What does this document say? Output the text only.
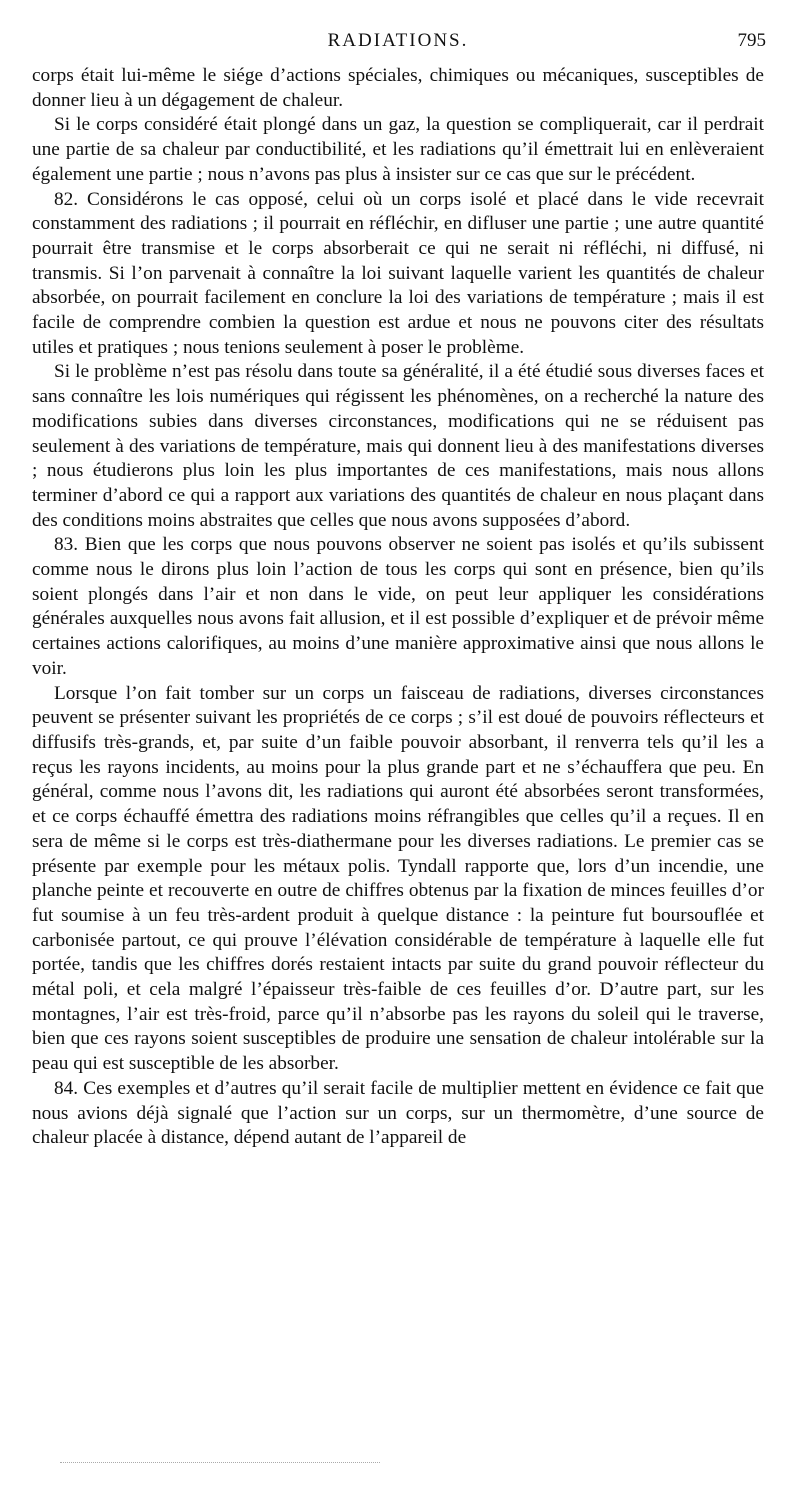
RADIATIONS.	795

corps était lui-même le siége d’actions spéciales, chimiques ou mécaniques, susceptibles de donner lieu à un dégagement de chaleur.

Si le corps considéré était plongé dans un gaz, la question se compliquerait, car il perdrait une partie de sa chaleur par conductibilité, et les radiations qu’il émettrait lui en enlèveraient également une partie ; nous n’avons pas plus à insister sur ce cas que sur le précédent.

82. Considérons le cas opposé, celui où un corps isolé et placé dans le vide recevrait constamment des radiations ; il pourrait en réfléchir, en difluser une partie ; une autre quantité pourrait être transmise et le corps absorberait ce qui ne serait ni réfléchi, ni diffusé, ni transmis. Si l’on parvenait à connaître la loi suivant laquelle varient les quantités de chaleur absorbée, on pourrait facilement en conclure la loi des variations de température ; mais il est facile de comprendre combien la question est ardue et nous ne pouvons citer des résultats utiles et pratiques ; nous tenions seulement à poser le problème.

Si le problème n’est pas résolu dans toute sa généralité, il a été étudié sous diverses faces et sans connaître les lois numériques qui régissent les phénomènes, on a recherché la nature des modifications subies dans diverses circonstances, modifications qui ne se réduisent pas seulement à des variations de température, mais qui donnent lieu à des manifestations diverses ; nous étudierons plus loin les plus importantes de ces manifestations, mais nous allons terminer d’abord ce qui a rapport aux variations des quantités de chaleur en nous plaçant dans des conditions moins abstraites que celles que nous avons supposées d’abord.

83. Bien que les corps que nous pouvons observer ne soient pas isolés et qu’ils subissent comme nous le dirons plus loin l’action de tous les corps qui sont en présence, bien qu’ils soient plongés dans l’air et non dans le vide, on peut leur appliquer les considérations générales auxquelles nous avons fait allusion, et il est possible d’expliquer et de prévoir même certaines actions calorifiques, au moins d’une manière approximative ainsi que nous allons le voir.

Lorsque l’on fait tomber sur un corps un faisceau de radiations, diverses circonstances peuvent se présenter suivant les propriétés de ce corps ; s’il est doué de pouvoirs réflecteurs et diffusifs très-grands, et, par suite d’un faible pouvoir absorbant, il renverra tels qu’il les a reçus les rayons incidents, au moins pour la plus grande part et ne s’échauffera que peu. En général, comme nous l’avons dit, les radiations qui auront été absorbées seront transformées, et ce corps échauffé émettra des radiations moins réfrangibles que celles qu’il a reçues. Il en sera de même si le corps est très-diathermane pour les diverses radiations. Le premier cas se présente par exemple pour les métaux polis. Tyndall rapporte que, lors d’un incendie, une planche peinte et recouverte en outre de chiffres obtenus par la fixation de minces feuilles d’or fut soumise à un feu très-ardent produit à quelque distance : la peinture fut boursouflée et carbonisée partout, ce qui prouve l’élévation considérable de température à laquelle elle fut portée, tandis que les chiffres dorés restaient intacts par suite du grand pouvoir réflecteur du métal poli, et cela malgré l’épaisseur très-faible de ces feuilles d’or. D’autre part, sur les montagnes, l’air est très-froid, parce qu’il n’absorbe pas les rayons du soleil qui le traverse, bien que ces rayons soient susceptibles de produire une sensation de chaleur intolérable sur la peau qui est susceptible de les absorber.

84. Ces exemples et d’autres qu’il serait facile de multiplier mettent en évidence ce fait que nous avions déjà signalé que l’action sur un corps, sur un thermomètre, d’une source de chaleur placée à distance, dépend autant de l’appareil de
